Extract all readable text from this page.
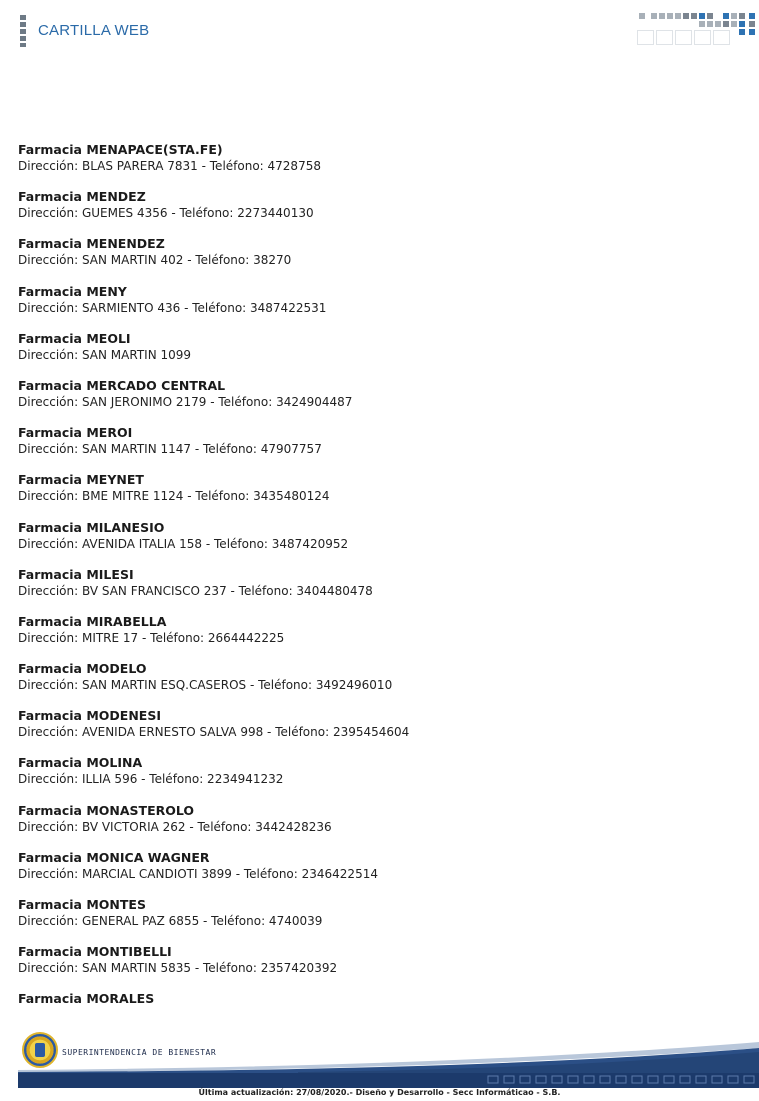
CARTILLA WEB
Farmacia MENAPACE(STA.FE)
Dirección: BLAS PARERA 7831 - Teléfono: 4728758
Farmacia MENDEZ
Dirección: GUEMES 4356 - Teléfono: 2273440130
Farmacia MENENDEZ
Dirección: SAN MARTIN 402 - Teléfono: 38270
Farmacia MENY
Dirección: SARMIENTO 436 - Teléfono: 3487422531
Farmacia MEOLI
Dirección: SAN MARTIN 1099
Farmacia MERCADO CENTRAL
Dirección: SAN JERONIMO 2179 - Teléfono: 3424904487
Farmacia MEROI
Dirección: SAN MARTIN 1147 - Teléfono: 47907757
Farmacia MEYNET
Dirección: BME MITRE 1124 - Teléfono: 3435480124
Farmacia MILANESIO
Dirección: AVENIDA ITALIA 158 - Teléfono: 3487420952
Farmacia MILESI
Dirección: BV SAN FRANCISCO 237 - Teléfono: 3404480478
Farmacia MIRABELLA
Dirección: MITRE 17 - Teléfono: 2664442225
Farmacia MODELO
Dirección: SAN MARTIN ESQ.CASEROS - Teléfono: 3492496010
Farmacia MODENESI
Dirección: AVENIDA ERNESTO SALVA 998 - Teléfono: 2395454604
Farmacia MOLINA
Dirección: ILLIA 596 - Teléfono: 2234941232
Farmacia MONASTEROLO
Dirección: BV VICTORIA 262 - Teléfono: 3442428236
Farmacia MONICA WAGNER
Dirección: MARCIAL CANDIOTI 3899 - Teléfono: 2346422514
Farmacia MONTES
Dirección: GENERAL PAZ 6855 - Teléfono: 4740039
Farmacia MONTIBELLI
Dirección: SAN MARTIN 5835 - Teléfono: 2357420392
Farmacia MORALES
SUPERINTENDENCIA DE BIENESTAR
Última actualización: 27/08/2020.- Diseño y Desarrollo - Secc Informáticao - S.B.
